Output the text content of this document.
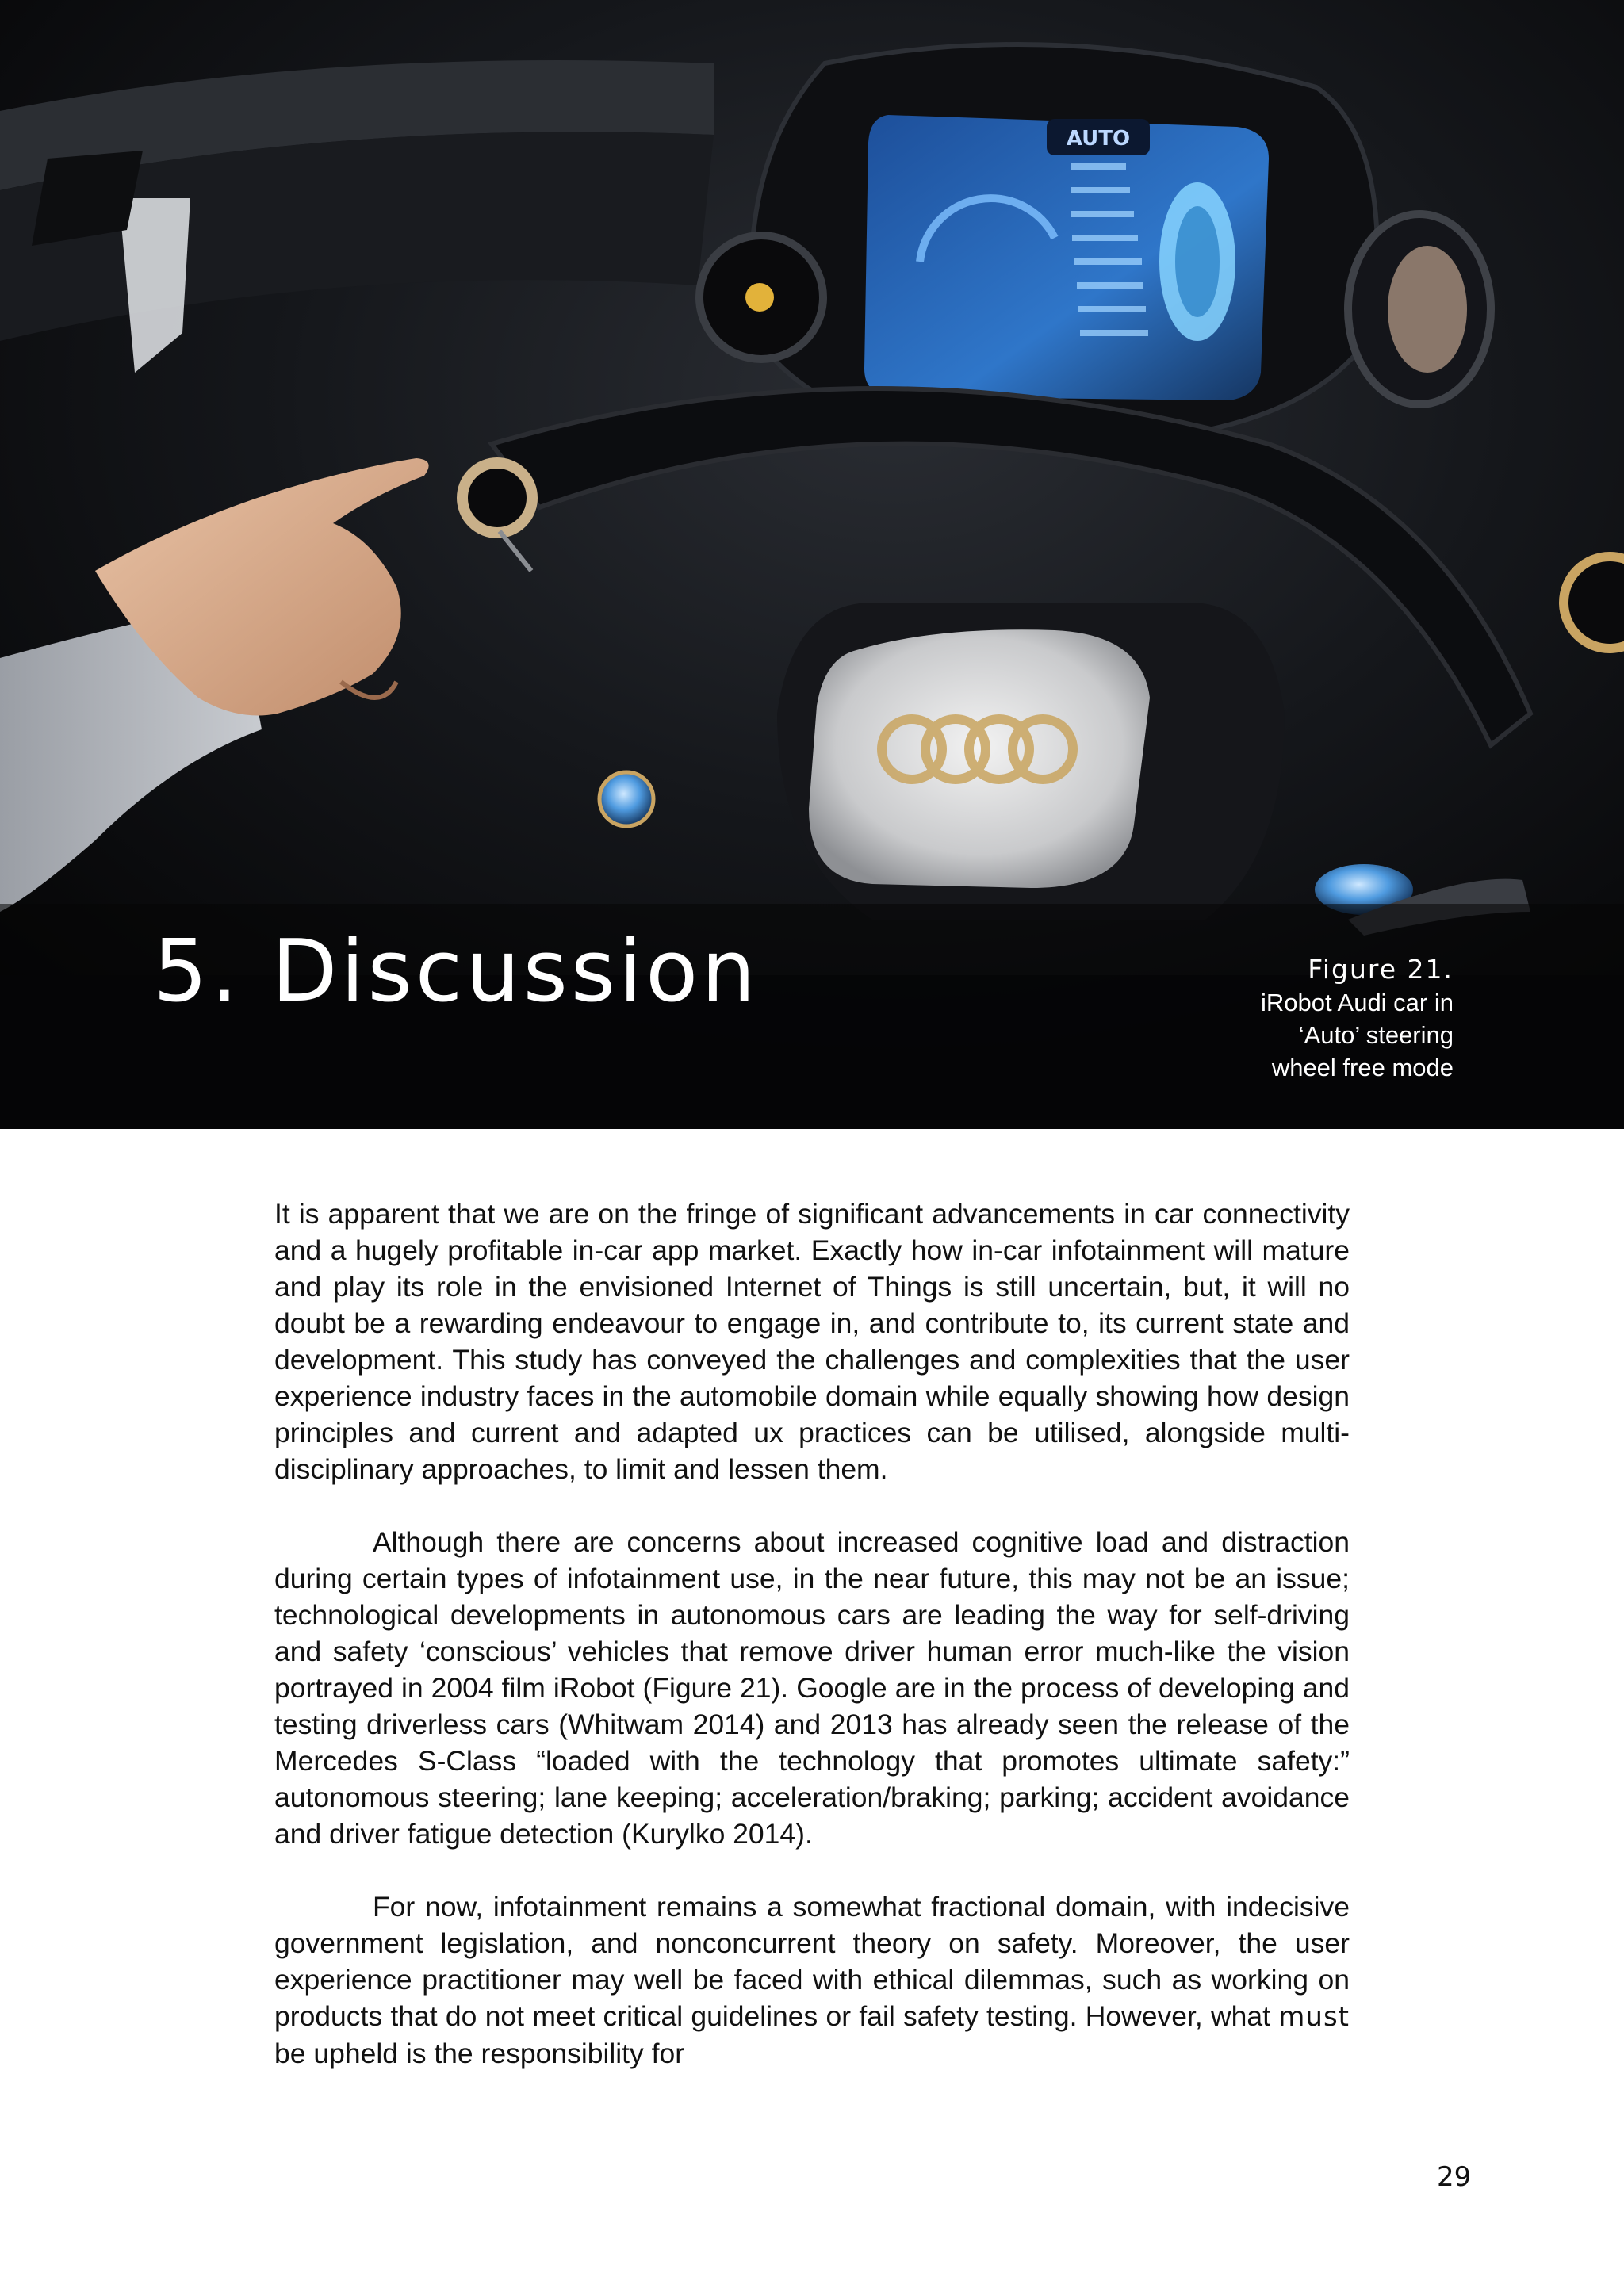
AUTO
5. Discussion	Figure 21.
iRobot Audi car in
‘Auto’ steering
wheel free mode

It is apparent that we are on the fringe of significant advancements in car connectivity and a hugely profitable in-car app market. Exactly how in-car infotainment will mature and play its role in the envisioned Internet of Things is still uncertain, but, it will no doubt be a rewarding endeavour to engage in, and contribute to, its current state and development. This study has conveyed the challenges and complexities that the user experience industry faces in the automobile domain while equally showing how design principles and current and adapted ux practices can be utilised, alongside multi-disciplinary approaches, to limit and lessen them.

Although there are concerns about increased cognitive load and distraction during certain types of infotainment use, in the near future, this may not be an issue; technological developments in autonomous cars are leading the way for self-driving and safety ‘conscious’ vehicles that remove driver human error much-like the vision portrayed in 2004 film iRobot (Figure 21). Google are in the process of developing and testing driverless cars (Whitwam 2014) and 2013 has already seen the release of the Mercedes S-Class “loaded with the technology that promotes ultimate safety:” autonomous steering; lane keeping; acceleration/braking; parking; accident avoidance and driver fatigue detection (Kurylko 2014).

For now, infotainment remains a somewhat fractional domain, with indecisive government legislation, and nonconcurrent theory on safety. Moreover, the user experience practitioner may well be faced with ethical dilemmas, such as working on products that do not meet critical guidelines or fail safety testing. However, what must be upheld is the responsibility for

29
